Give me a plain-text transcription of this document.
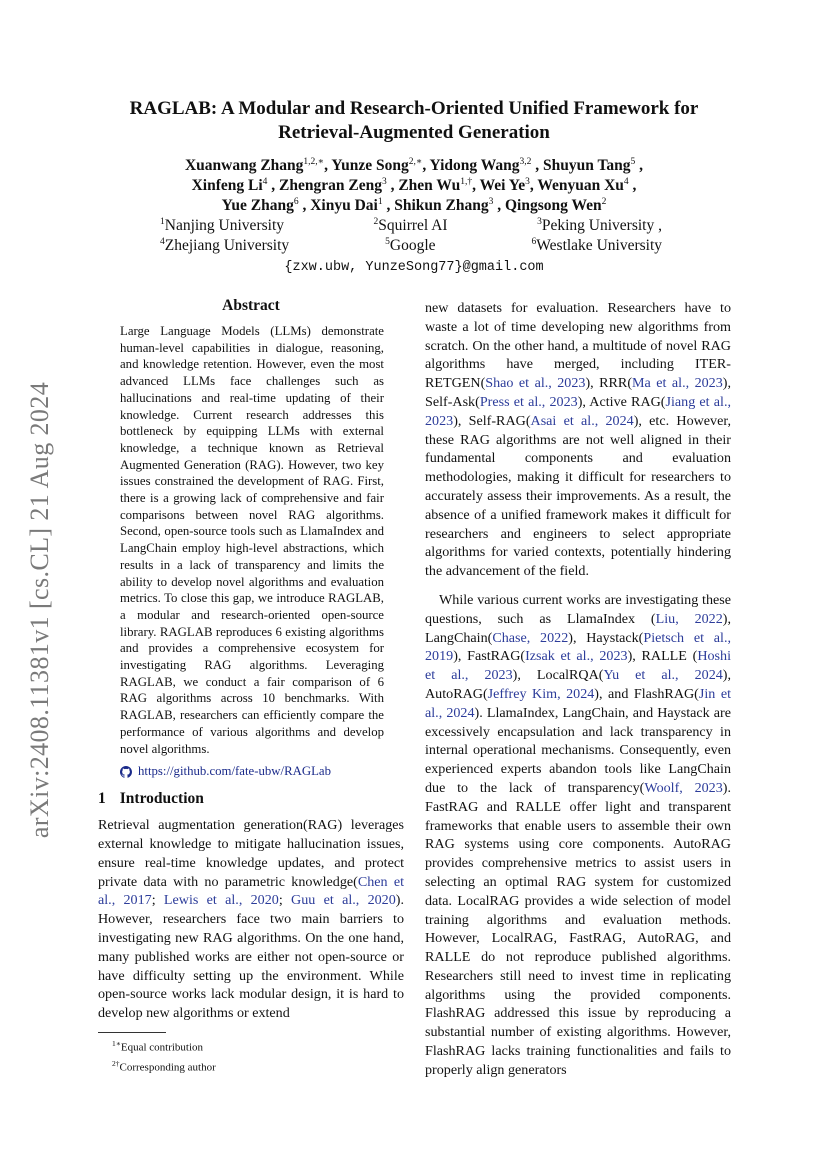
arXiv:2408.11381v1 [cs.CL] 21 Aug 2024
RAGLAB: A Modular and Research-Oriented Unified Framework for
Retrieval-Augmented Generation
Xuanwang Zhang$^{1,2,∗}$, Yunze Song$^{2,∗}$, Yidong Wang$^{3,2}$ , Shuyun Tang$^5$ ,
Xinfeng Li$^4$ , Zhengran Zeng$^3$ , Zhen $Wu^{1,\dagger}$, Wei Ye$^3$, Wenyuan Xu$^4$ ,
Yue Zhang$^6$ , Xinyu Dai$^1$ , Shikun Zhang$^3$ , Qingsong Wen$^2$
$^1$Nanjing University	$^2$Squirrel AI	$^3$Peking University ,
$^4$Zhejiang University	$^5$Google	$^6$Westlake University
{zxw.ubw, YunzeSong77}@gmail.com
Abstract
Large Language Models (LLMs) demonstrate human-level capabilities in dialogue, reasoning, and knowledge retention. However, even the most advanced LLMs face challenges such as hallucinations and real-time updating of their knowledge. Current research addresses this bottleneck by equipping LLMs with external knowledge, a technique known as Retrieval Augmented Generation (RAG). However, two key issues constrained the development of RAG. First, there is a growing lack of comprehensive and fair comparisons between novel RAG algorithms. Second, open-source tools such as LlamaIndex and LangChain employ high-level abstractions, which results in a lack of transparency and limits the ability to develop novel algorithms and evaluation metrics. To close this gap, we introduce RAGLAB, a modular and research-oriented open-source library. RAGLAB reproduces 6 existing algorithms and provides a comprehensive ecosystem for investigating RAG algorithms. Leveraging RAGLAB, we conduct a fair comparison of 6 RAG algorithms across 10 benchmarks. With RAGLAB, researchers can efficiently compare the performance of various algorithms and develop novel algorithms.
https://github.com/fate-ubw/RAGLab
1 Introduction

Retrieval augmentation generation(RAG) leverages external knowledge to mitigate hallucination issues, ensure real-time knowledge updates, and protect private data with no parametric knowledge(Chen et al., 2017; Lewis et al., 2020; Guu et al., 2020). However, researchers face two main barriers to investigating new RAG algorithms. On the one hand, many published works are either not open-source or have difficulty setting up the environment. While open-source works lack modular design, it is hard to develop new algorithms or extend

$^{1∗}$Equal contribution
$^{2\dagger}$Corresponding author

new datasets for evaluation. Researchers have to waste a lot of time developing new algorithms from scratch. On the other hand, a multitude of novel RAG algorithms have merged, including ITER-RETGEN(Shao et al., 2023), RRR(Ma et al., 2023), Self-Ask(Press et al., 2023), Active RAG(Jiang et al., 2023), Self-RAG(Asai et al., 2024), etc. However, these RAG algorithms are not well aligned in their fundamental components and evaluation methodologies, making it difficult for researchers to accurately assess their improvements. As a result, the absence of a unified framework makes it difficult for researchers and engineers to select appropriate algorithms for varied contexts, potentially hindering the advancement of the field.

While various current works are investigating these questions, such as LlamaIndex (Liu, 2022), LangChain(Chase, 2022), Haystack(Pietsch et al., 2019), FastRAG(Izsak et al., 2023), RALLE (Hoshi et al., 2023), LocalRQA(Yu et al., 2024), AutoRAG(Jeffrey Kim, 2024), and FlashRAG(Jin et al., 2024). LlamaIndex, LangChain, and Haystack are excessively encapsulation and lack transparency in internal operational mechanisms. Consequently, even experienced experts abandon tools like LangChain due to the lack of transparency(Woolf, 2023). FastRAG and RALLE offer light and transparent frameworks that enable users to assemble their own RAG systems using core components. AutoRAG provides comprehensive metrics to assist users in selecting an optimal RAG system for customized data. LocalRAG provides a wide selection of model training algorithms and evaluation methods. However, LocalRAG, FastRAG, AutoRAG, and RALLE do not reproduce published algorithms. Researchers still need to invest time in replicating algorithms using the provided components. FlashRAG addressed this issue by reproducing a substantial number of existing algorithms. However, FlashRAG lacks training functionalities and fails to properly align generators
